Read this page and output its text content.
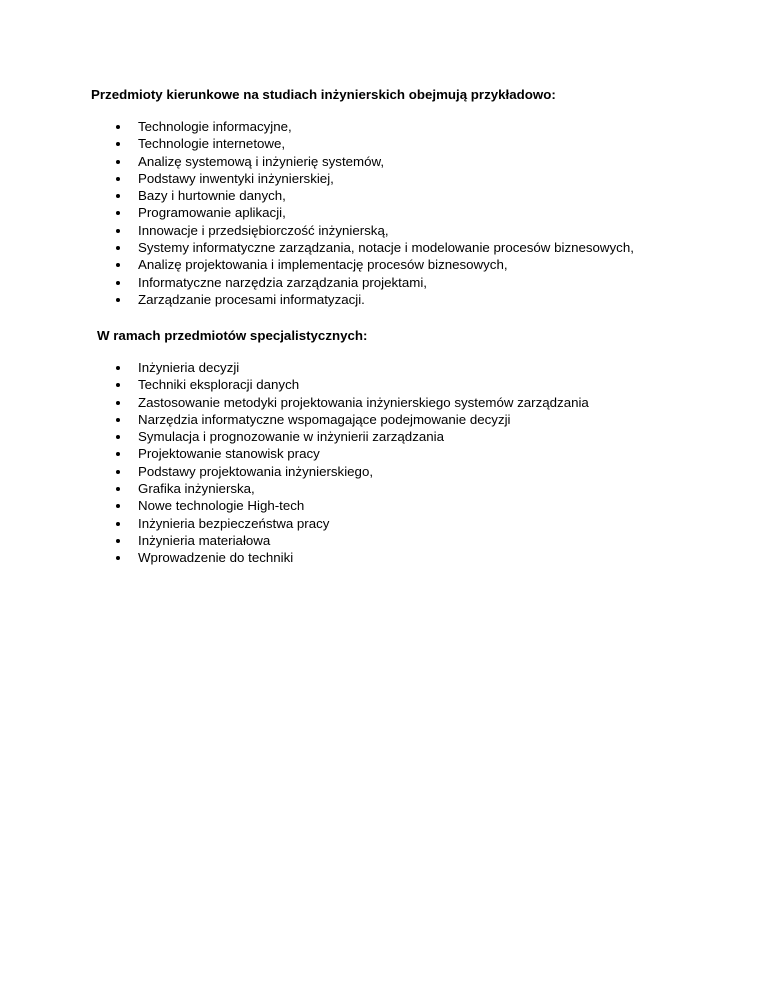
Przedmioty kierunkowe na studiach inżynierskich obejmują przykładowo:

Technologie informacyjne,
Technologie internetowe,
Analizę systemową i inżynierię systemów,
Podstawy inwentyki inżynierskiej,
Bazy i hurtownie danych,
Programowanie aplikacji,
Innowacje i przedsiębiorczość inżynierską,
Systemy informatyczne zarządzania, notacje i modelowanie procesów biznesowych,
Analizę projektowania i implementację procesów biznesowych,
Informatyczne narzędzia zarządzania projektami,
Zarządzanie procesami informatyzacji.

W ramach przedmiotów specjalistycznych:

Inżynieria decyzji
Techniki eksploracji danych
Zastosowanie metodyki projektowania inżynierskiego systemów zarządzania
Narzędzia informatyczne wspomagające podejmowanie decyzji
Symulacja i prognozowanie w inżynierii zarządzania
Projektowanie stanowisk pracy
Podstawy projektowania inżynierskiego,
Grafika inżynierska,
Nowe technologie High-tech
Inżynieria bezpieczeństwa pracy
Inżynieria materiałowa
Wprowadzenie do techniki
